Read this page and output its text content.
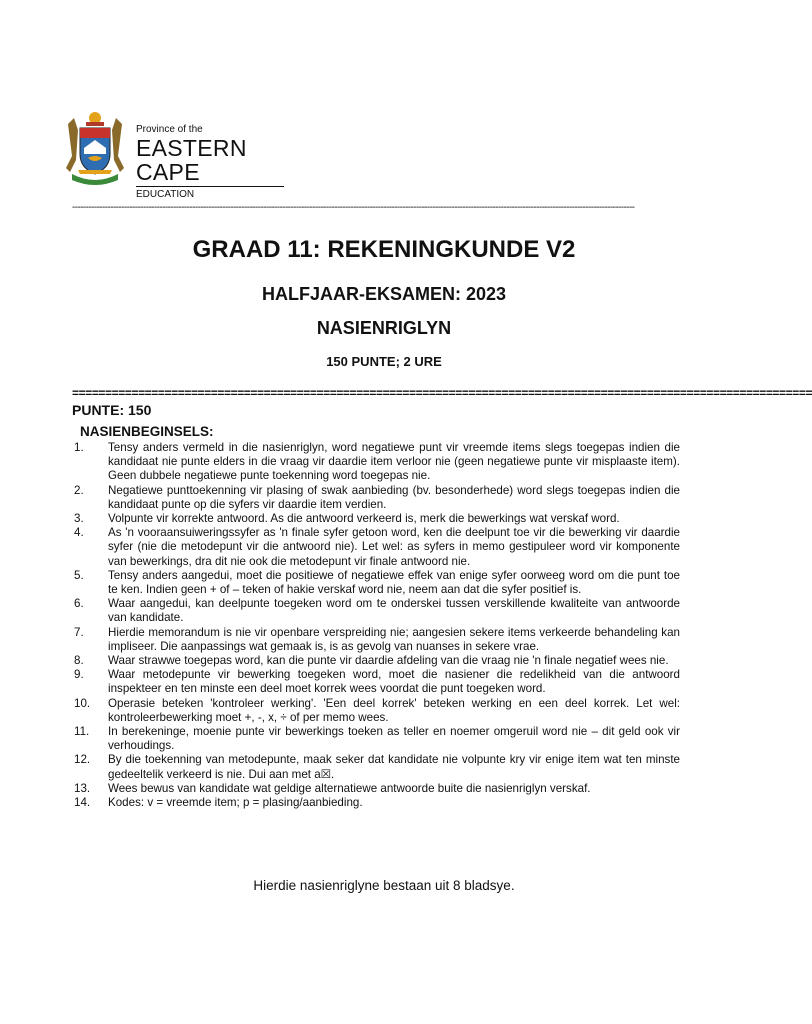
Province of the
EASTERN CAPE
EDUCATION
--------------------------------------------------------------------------------------------------------------------------------------------------------------------------------------------------------------
GRAAD 11: REKENINGKUNDE V2
HALFJAAR-EKSAMEN: 2023
NASIENRIGLYN
150 PUNTE; 2 URE
================================================================================================================
PUNTE: 150
NASIENBEGINSELS:
1.	Tensy anders vermeld in die nasienriglyn, word negatiewe punt vir vreemde items slegs toegepas indien die kandidaat nie punte elders in die vraag vir daardie item verloor nie (geen negatiewe punte vir misplaaste item). Geen dubbele negatiewe punte toekenning word toegepas nie.
2.	Negatiewe punttoekenning vir plasing of swak aanbieding (bv. besonderhede) word slegs toegepas indien die kandidaat punte op die syfers vir daardie item verdien.
3.	Volpunte vir korrekte antwoord. As die antwoord verkeerd is, merk die bewerkings wat verskaf word.
4.	As 'n vooraansuiweringssyfer as 'n finale syfer getoon word, ken die deelpunt toe vir die bewerking vir daardie syfer (nie die metodepunt vir die antwoord nie). Let wel: as syfers in memo gestipuleer word vir komponente van bewerkings, dra dit nie ook die metodepunt vir finale antwoord nie.
5.	Tensy anders aangedui, moet die positiewe of negatiewe effek van enige syfer oorweeg word om die punt toe te ken. Indien geen + of – teken of hakie verskaf word nie, neem aan dat die syfer positief is.
6.	Waar aangedui, kan deelpunte toegeken word om te onderskei tussen verskillende kwaliteite van antwoorde van kandidate.
7.	Hierdie memorandum is nie vir openbare verspreiding nie; aangesien sekere items verkeerde behandeling kan impliseer. Die aanpassings wat gemaak is, is as gevolg van nuanses in sekere vrae.
8.	Waar strawwe toegepas word, kan die punte vir daardie afdeling van die vraag nie 'n finale negatief wees nie.
9.	Waar metodepunte vir bewerking toegeken word, moet die nasiener die redelikheid van die antwoord inspekteer en ten minste een deel moet korrek wees voordat die punt toegeken word.
10.	Operasie beteken 'kontroleer werking'. 'Een deel korrek' beteken werking en een deel korrek. Let wel: kontroleerbewerking moet +, -, x, ÷ of per memo wees.
11.	In berekeninge, moenie punte vir bewerkings toeken as teller en noemer omgeruil word nie – dit geld ook vir verhoudings.
12.	By die toekenning van metodepunte, maak seker dat kandidate nie volpunte kry vir enige item wat ten minste gedeeltelik verkeerd is nie. Dui aan met a☒.
13.	Wees bewus van kandidate wat geldige alternatiewe antwoorde buite die nasienriglyn verskaf.
14.	Kodes: v = vreemde item; p = plasing/aanbieding.
Hierdie nasienriglyne bestaan uit 8 bladsye.
